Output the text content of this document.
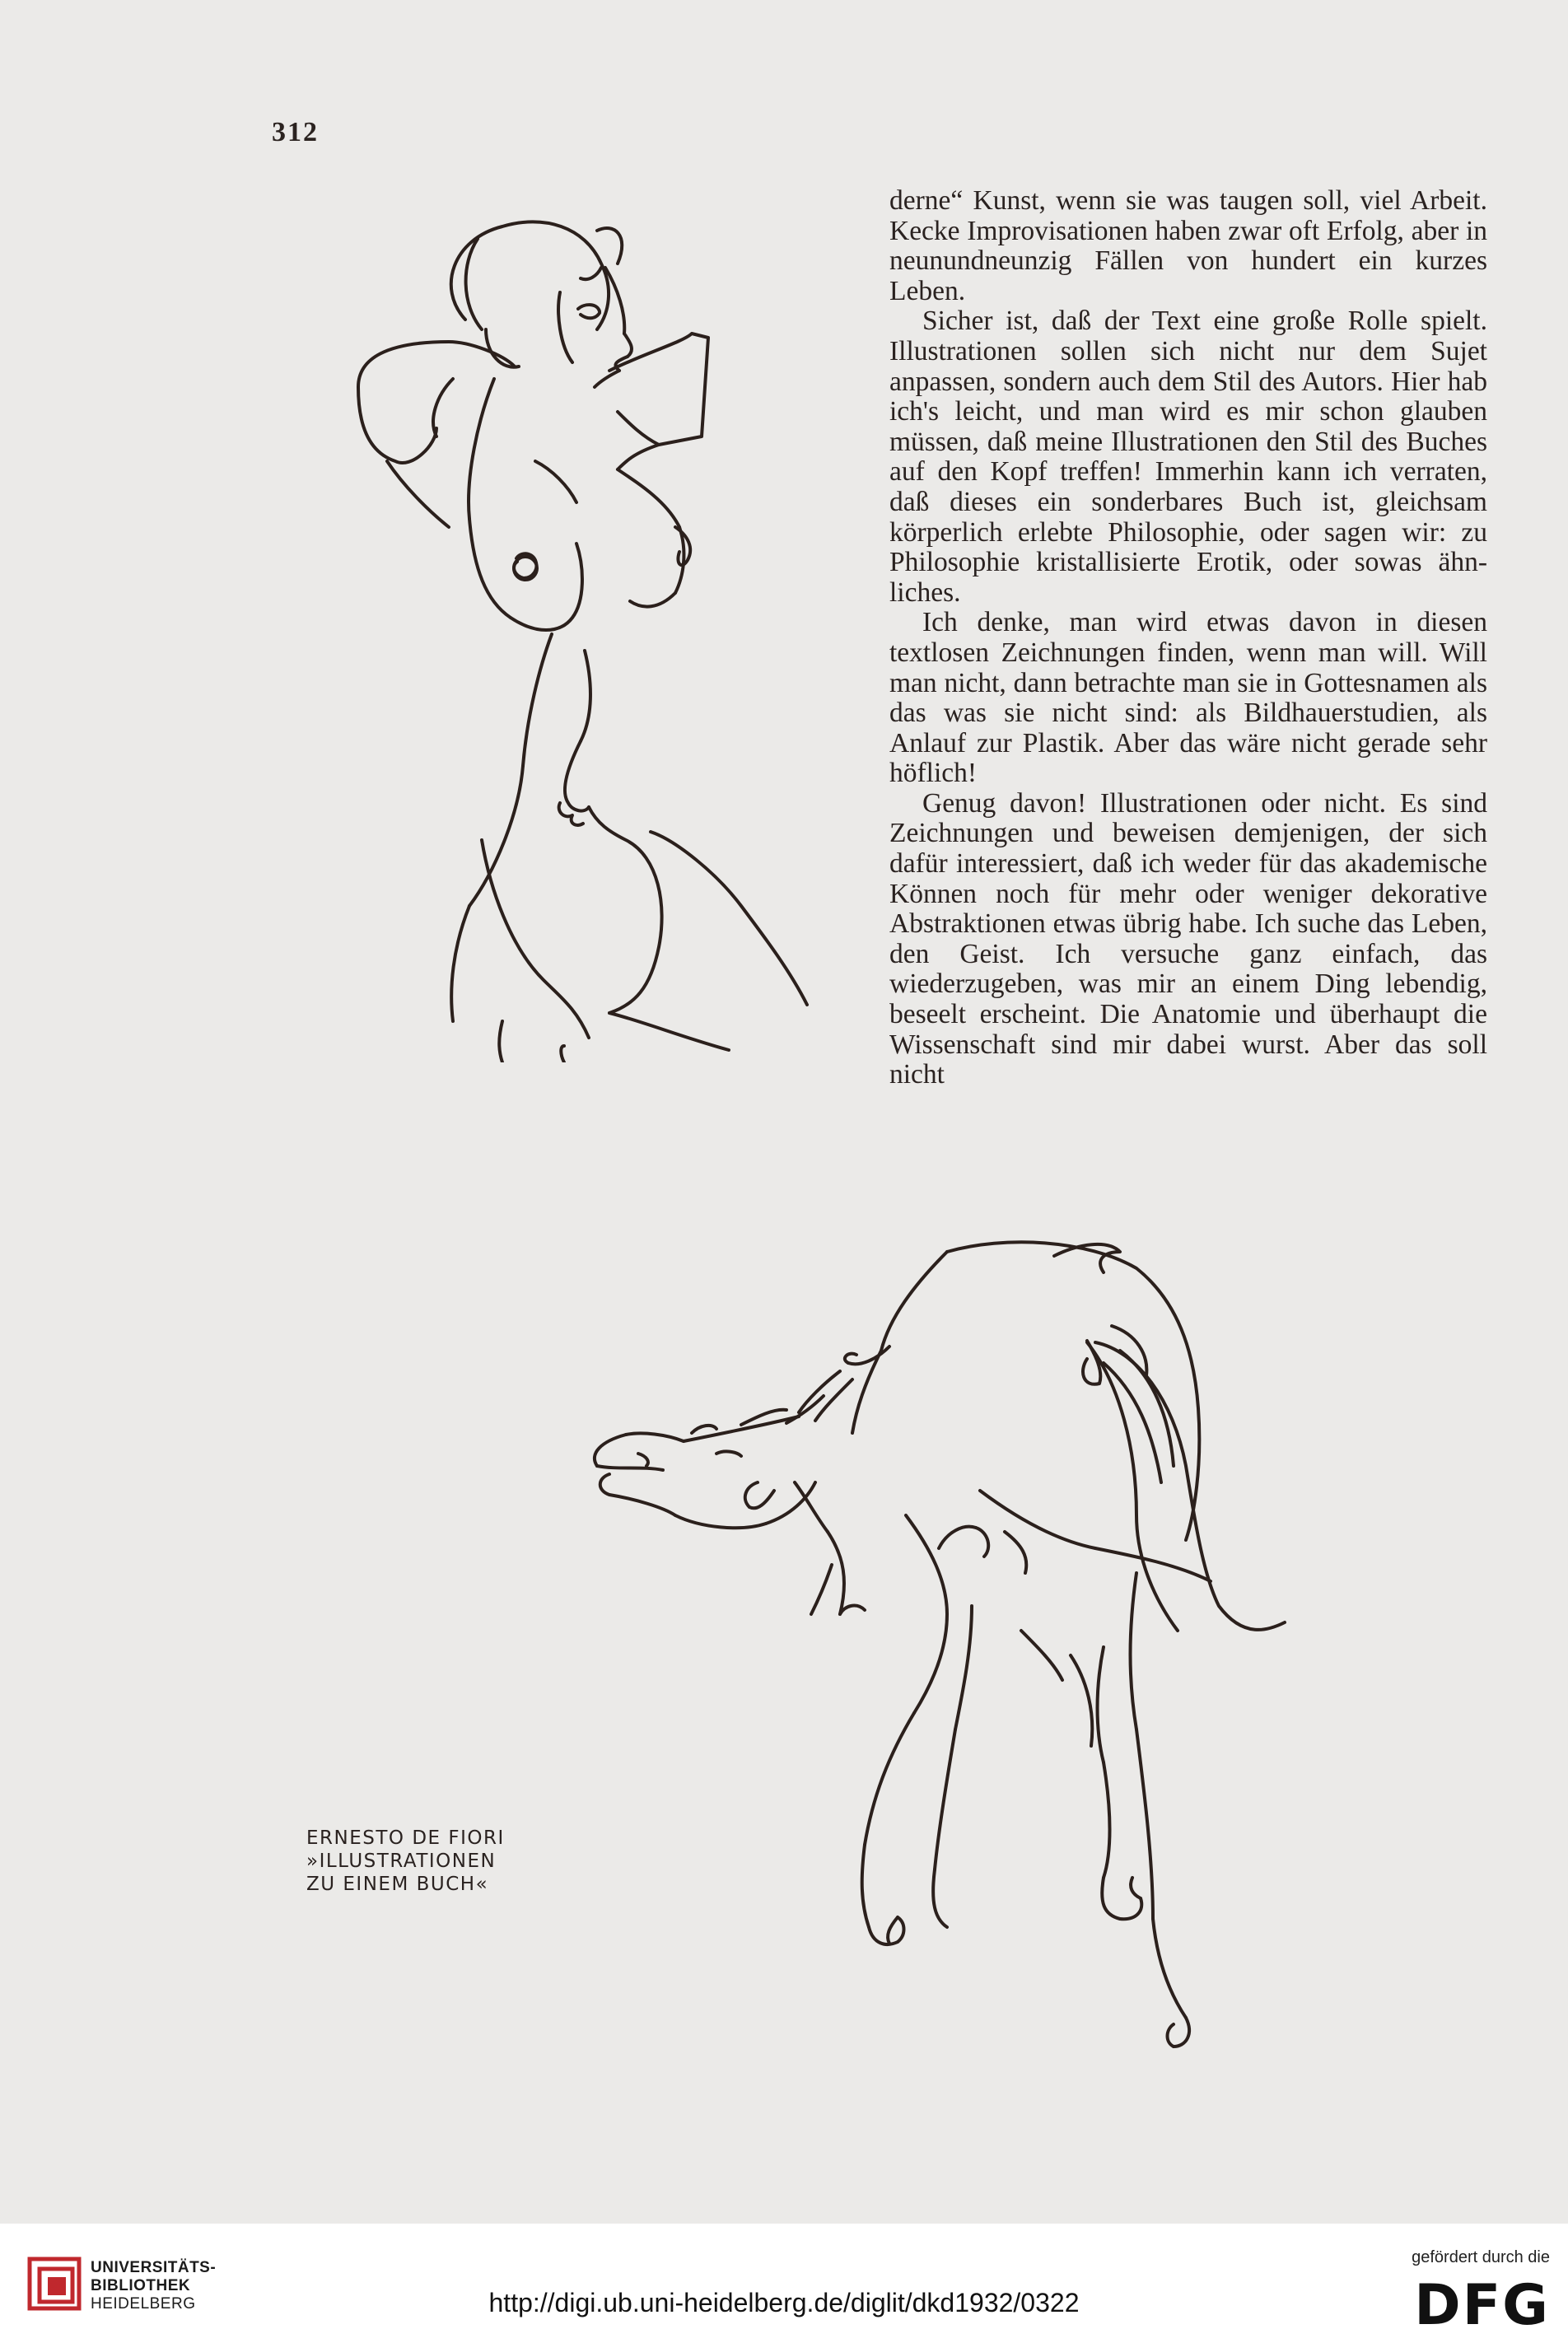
312

derne“ Kunst, wenn sie was taugen soll, viel Arbeit. Kecke Improvisationen haben zwar oft Erfolg, aber in neunundneunzig Fällen von hundert ein kurzes Leben.

Sicher ist, daß der Text eine große Rolle spielt. Illustrationen sollen sich nicht nur dem Sujet anpassen, sondern auch dem Stil des Autors. Hier hab ich's leicht, und man wird es mir schon glauben müssen, daß meine Illustrationen den Stil des Buches auf den Kopf treffen! Immerhin kann ich verraten, daß dieses ein sonderbares Buch ist, gleichsam körperlich erlebte Philosophie, oder sagen wir: zu Philosophie kristallisierte Erotik, oder sowas ähnliches.

Ich denke, man wird etwas davon in diesen textlosen Zeichnungen finden, wenn man will. Will man nicht, dann betrachte man sie in Gottesnamen als das was sie nicht sind: als Bildhauerstudien, als Anlauf zur Plastik. Aber das wäre nicht gerade sehr höflich!

Genug davon! Illustrationen oder nicht. Es sind Zeichnungen und beweisen demjenigen, der sich dafür interessiert, daß ich weder für das akademische Können noch für mehr oder weniger dekorative Abstraktionen etwas übrig habe. Ich suche das Leben, den Geist. Ich versuche ganz einfach, das wiederzugeben, was mir an einem Ding lebendig, beseelt erscheint. Die Anatomie und überhaupt die Wissenschaft sind mir dabei wurst. Aber das soll nicht

ERNESTO DE FIORI
»ILLUSTRATIONEN
ZU EINEM BUCH«
UNIVERSITÄTS-
BIBLIOTHEK
HEIDELBERG	http://digi.ub.uni-heidelberg.de/diglit/dkd1932/0322
gefördert durch die
DFG
